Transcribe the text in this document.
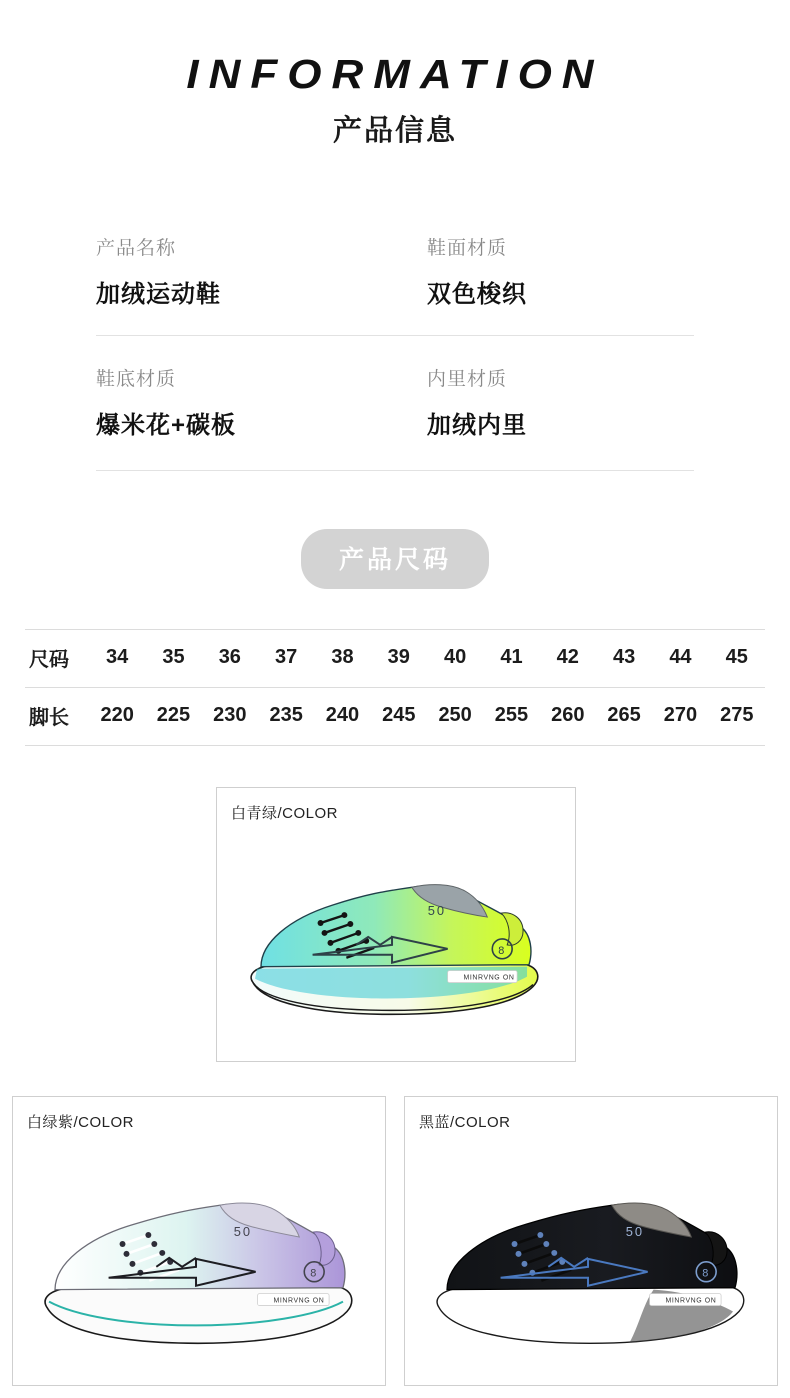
INFORMATION
产品信息
产品名称
加绒运动鞋
鞋面材质
双色梭织
鞋底材质
爆米花+碳板
内里材质
加绒内里
产品尺码
尺码	34	35	36	37	38	39	40	41	42	43	44	45
脚长	220	225	230	235	240	245	250	255	260	265	270	275
白青绿/COLOR
50
8
MINRVNG ON
白绿紫/COLOR
50
8
MINRVNG ON
黑蓝/COLOR
50
8
MINRVNG ON
